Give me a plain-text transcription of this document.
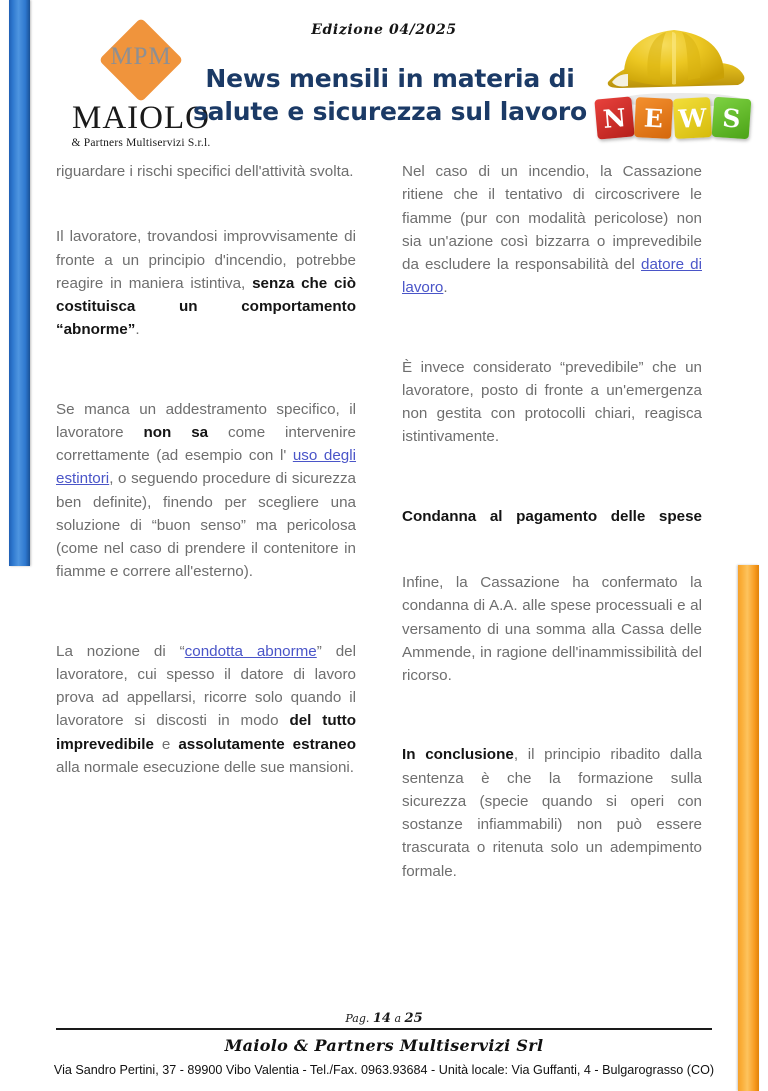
MPM
MAIOLO
& Partners Multiservizi S.r.l.
Edizione 04/2025
News mensili in materia di
salute e sicurezza sul lavoro N E W S

riguardare i rischi specifici dell'attività svolta.

Il lavoratore, trovandosi improvvisamente di fronte a un principio d'incendio, potrebbe reagire in maniera istintiva, senza che ciò costituisca un comportamento “abnorme”.

Se manca un addestramento specifico, il lavoratore non sa come intervenire correttamente (ad esempio con l' uso degli estintori, o seguendo procedure di sicurezza ben definite), finendo per scegliere una soluzione di “buon senso” ma pericolosa (come nel caso di prendere il contenitore in fiamme e correre all'esterno).

La nozione di “condotta abnorme” del lavoratore, cui spesso il datore di lavoro prova ad appellarsi, ricorre solo quando il lavoratore si discosti in modo del tutto imprevedibile e assolutamente estraneo alla normale esecuzione delle sue mansioni.

Nel caso di un incendio, la Cassazione ritiene che il tentativo di circoscrivere le fiamme (pur con modalità pericolose) non sia un'azione così bizzarra o imprevedibile da escludere la responsabilità del datore di lavoro.

È invece considerato “prevedibile” che un lavoratore, posto di fronte a un'emergenza non gestita con protocolli chiari, reagisca istintivamente.

Condanna al pagamento delle spese

Infine, la Cassazione ha confermato la condanna di A.A. alle spese processuali e al versamento di una somma alla Cassa delle Ammende, in ragione dell'inammissibilità del ricorso.

In conclusione, il principio ribadito dalla sentenza è che la formazione sulla sicurezza (specie quando si operi con sostanze infiammabili) non può essere trascurata o ritenuta solo un adempimento formale.

Pag. 14 a 25
Maiolo & Partners Multiservizi Srl
Via Sandro Pertini, 37 - 89900 Vibo Valentia - Tel./Fax. 0963.93684 - Unità locale: Via Guffanti, 4 - Bulgarograsso (CO)
